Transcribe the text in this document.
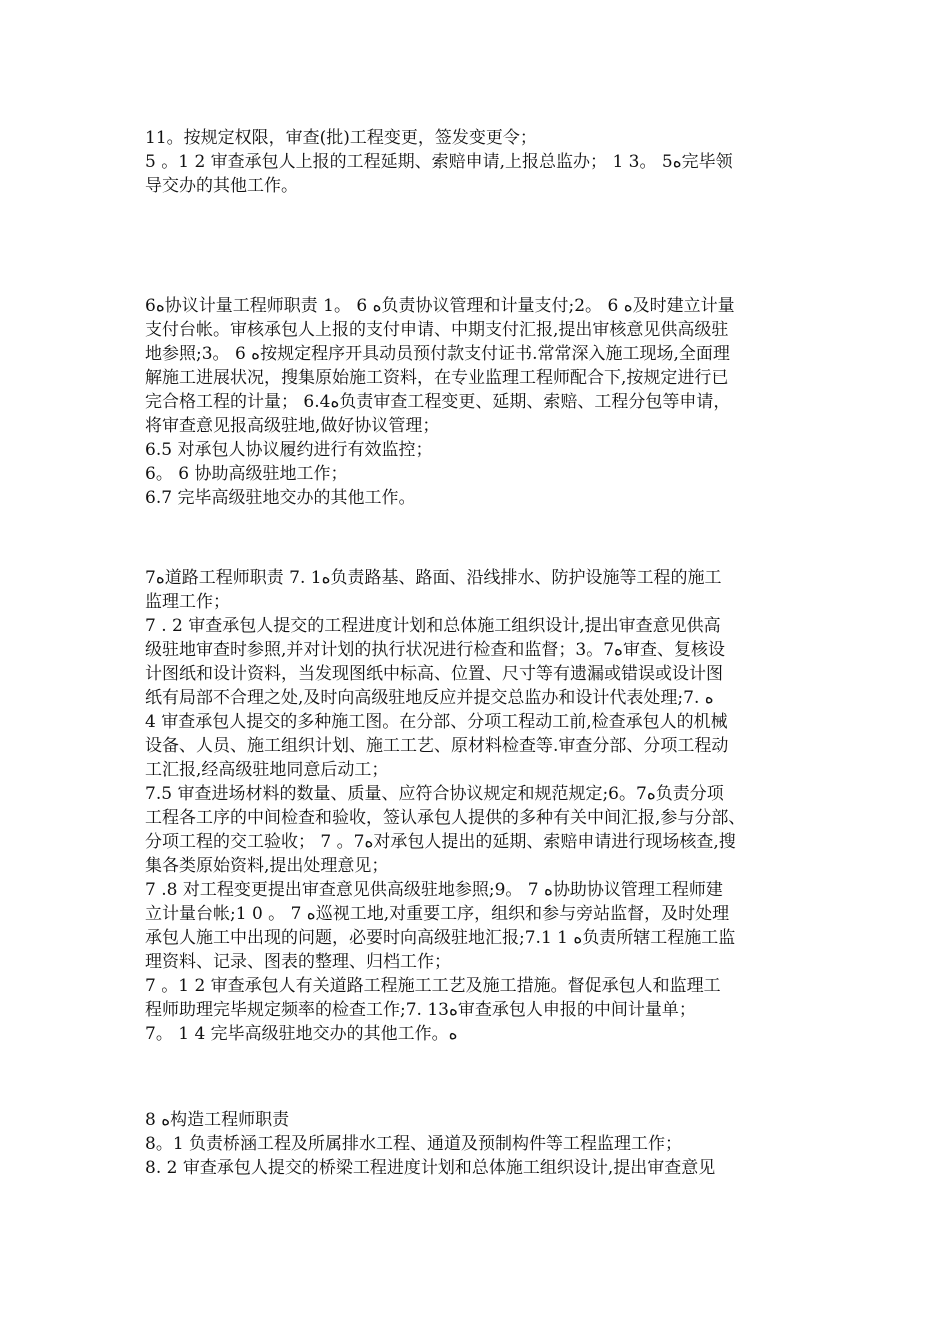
11。按规定权限，审查(批)工程变更，签发变更令；
5 。1 2 审查承包人上报的工程延期、索赔申请,上报总监办； 1 3。 5ه完毕领
导交办的其他工作。
6ه协议计量工程师职责 1。 6 ه负责协议管理和计量支付;2。 6 ه及时建立计量
支付台帐。审核承包人上报的支付申请、中期支付汇报,提出审核意见供高级驻
地参照;3。 6 ه按规定程序开具动员预付款支付证书.常常深入施工现场,全面理
解施工进展状况，搜集原始施工资料，在专业监理工程师配合下,按规定进行已
完合格工程的计量； 6.4ه负责审查工程变更、延期、索赔、工程分包等申请，
将审查意见报高级驻地,做好协议管理；
6.5 对承包人协议履约进行有效监控；
6。 6 协助高级驻地工作；
6.7 完毕高级驻地交办的其他工作。
7ه道路工程师职责 7. 1ه负责路基、路面、沿线排水、防护设施等工程的施工
监理工作；
7 . 2 审查承包人提交的工程进度计划和总体施工组织设计,提出审查意见供高
级驻地审查时参照,并对计划的执行状况进行检查和监督；3。7ه审查、复核设
计图纸和设计资料，当发现图纸中标高、位置、尺寸等有遗漏或错误或设计图
纸有局部不合理之处,及时向高级驻地反应并提交总监办和设计代表处理;7. ه
4 审查承包人提交的多种施工图。在分部、分项工程动工前,检查承包人的机械
设备、人员、施工组织计划、施工工艺、原材料检查等.审查分部、分项工程动
工汇报,经高级驻地同意后动工；
7.5 审查进场材料的数量、质量、应符合协议规定和规范规定;6。7ه负责分项
工程各工序的中间检查和验收，签认承包人提供的多种有关中间汇报,参与分部、
分项工程的交工验收； 7 。7ه对承包人提出的延期、索赔申请进行现场核查,搜
集各类原始资料,提出处理意见；
7 .8 对工程变更提出审查意见供高级驻地参照;9。 7 ه协助协议管理工程师建
立计量台帐;1 0 。 7 ه巡视工地,对重要工序，组织和参与旁站监督，及时处理
承包人施工中出现的问题，必要时向高级驻地汇报;7.1 1 ه负责所辖工程施工监
理资料、记录、图表的整理、归档工作；
7 。1 2 审查承包人有关道路工程施工工艺及施工措施。督促承包人和监理工
程师助理完毕规定频率的检查工作;7. 13ه审查承包人申报的中间计量单；
7。 1 4 完毕高级驻地交办的其他工作。ه
8 ه构造工程师职责
8。1 负责桥涵工程及所属排水工程、通道及预制构件等工程监理工作；
8. 2 审查承包人提交的桥梁工程进度计划和总体施工组织设计,提出审查意见
